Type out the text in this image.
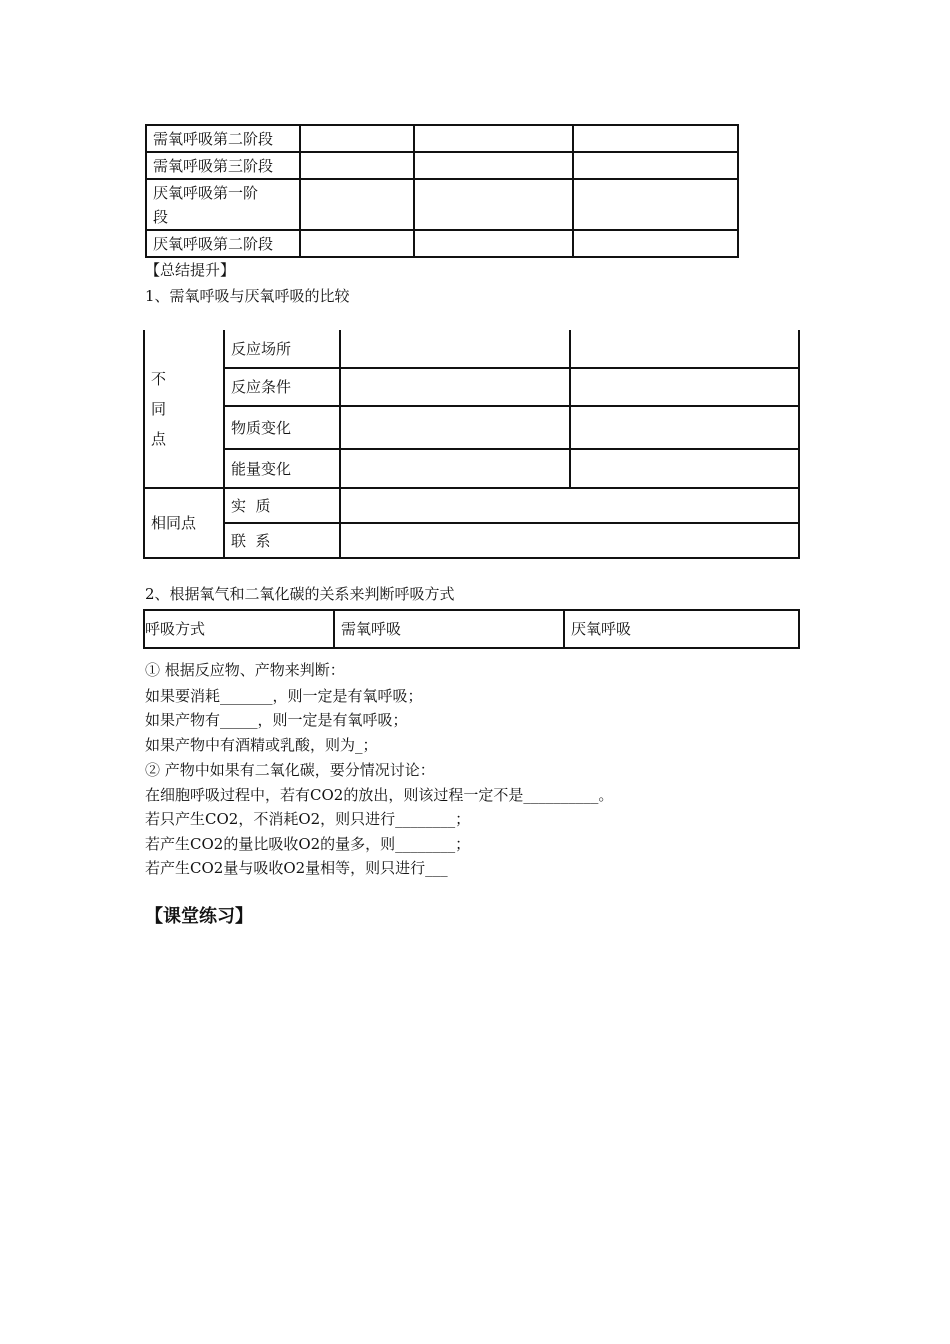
需氧呼吸第二阶段			
需氧呼吸第三阶段			
厌氧呼吸第一阶
段			
厌氧呼吸第二阶段			
【总结提升】
1、需氧呼吸与厌氧呼吸的比较
不
同
点	反应场所		
	反应条件		
	物质变化		
	能量变化		
相同点	实  质		
	联  系		
2、根据氧气和二氧化碳的关系来判断呼吸方式
呼吸方式	需氧呼吸	厌氧呼吸
① 根据反应物、产物来判断：
如果要消耗_______，则一定是有氧呼吸；
如果产物有_____，则一定是有氧呼吸；
如果产物中有酒精或乳酸，则为_；
② 产物中如果有二氧化碳，要分情况讨论：
在细胞呼吸过程中，若有CO2的放出，则该过程一定不是__________。
若只产生CO2，不消耗O2，则只进行________；
若产生CO2的量比吸收O2的量多，则________；
若产生CO2量与吸收O2量相等，则只进行___
【课堂练习】
